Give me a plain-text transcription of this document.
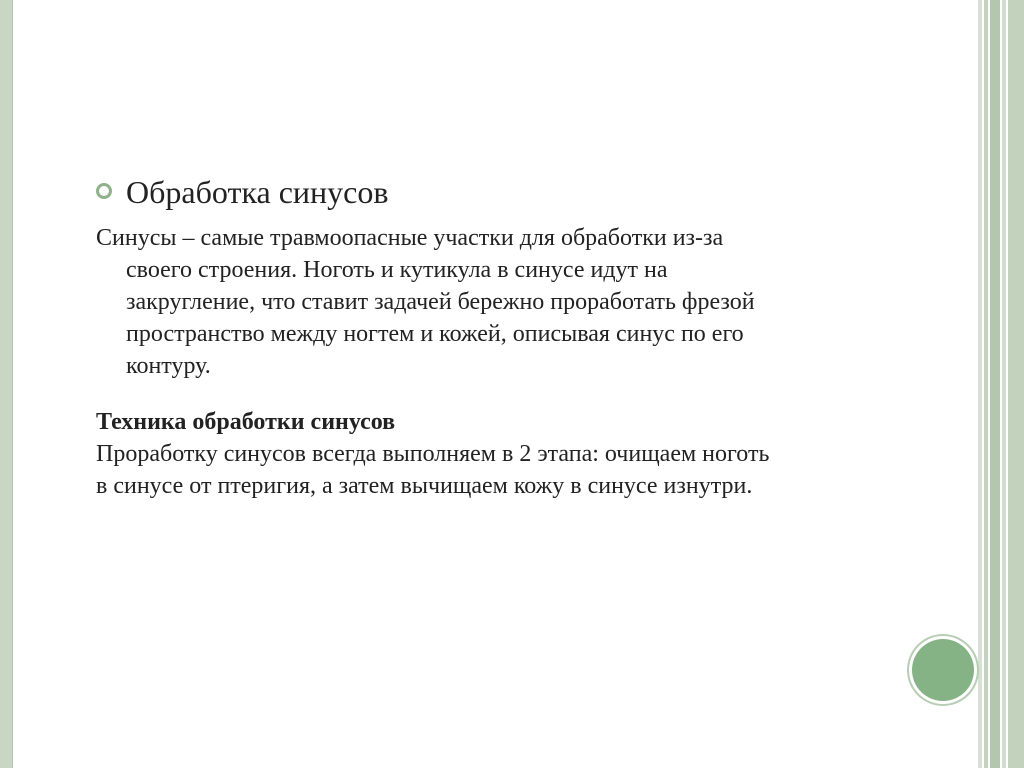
Обработка синусов
Синусы – самые травмоопасные участки для обработки из-за
своего строения. Ноготь и кутикула в синусе идут на
закругление, что ставит задачей бережно проработать фрезой
пространство между ногтем и кожей, описывая синус по его
контуру.
Техника обработки синусов
Проработку синусов всегда выполняем в 2 этапа: очищаем ноготь
в синусе от птеригия, а затем вычищаем кожу в синусе изнутри.
